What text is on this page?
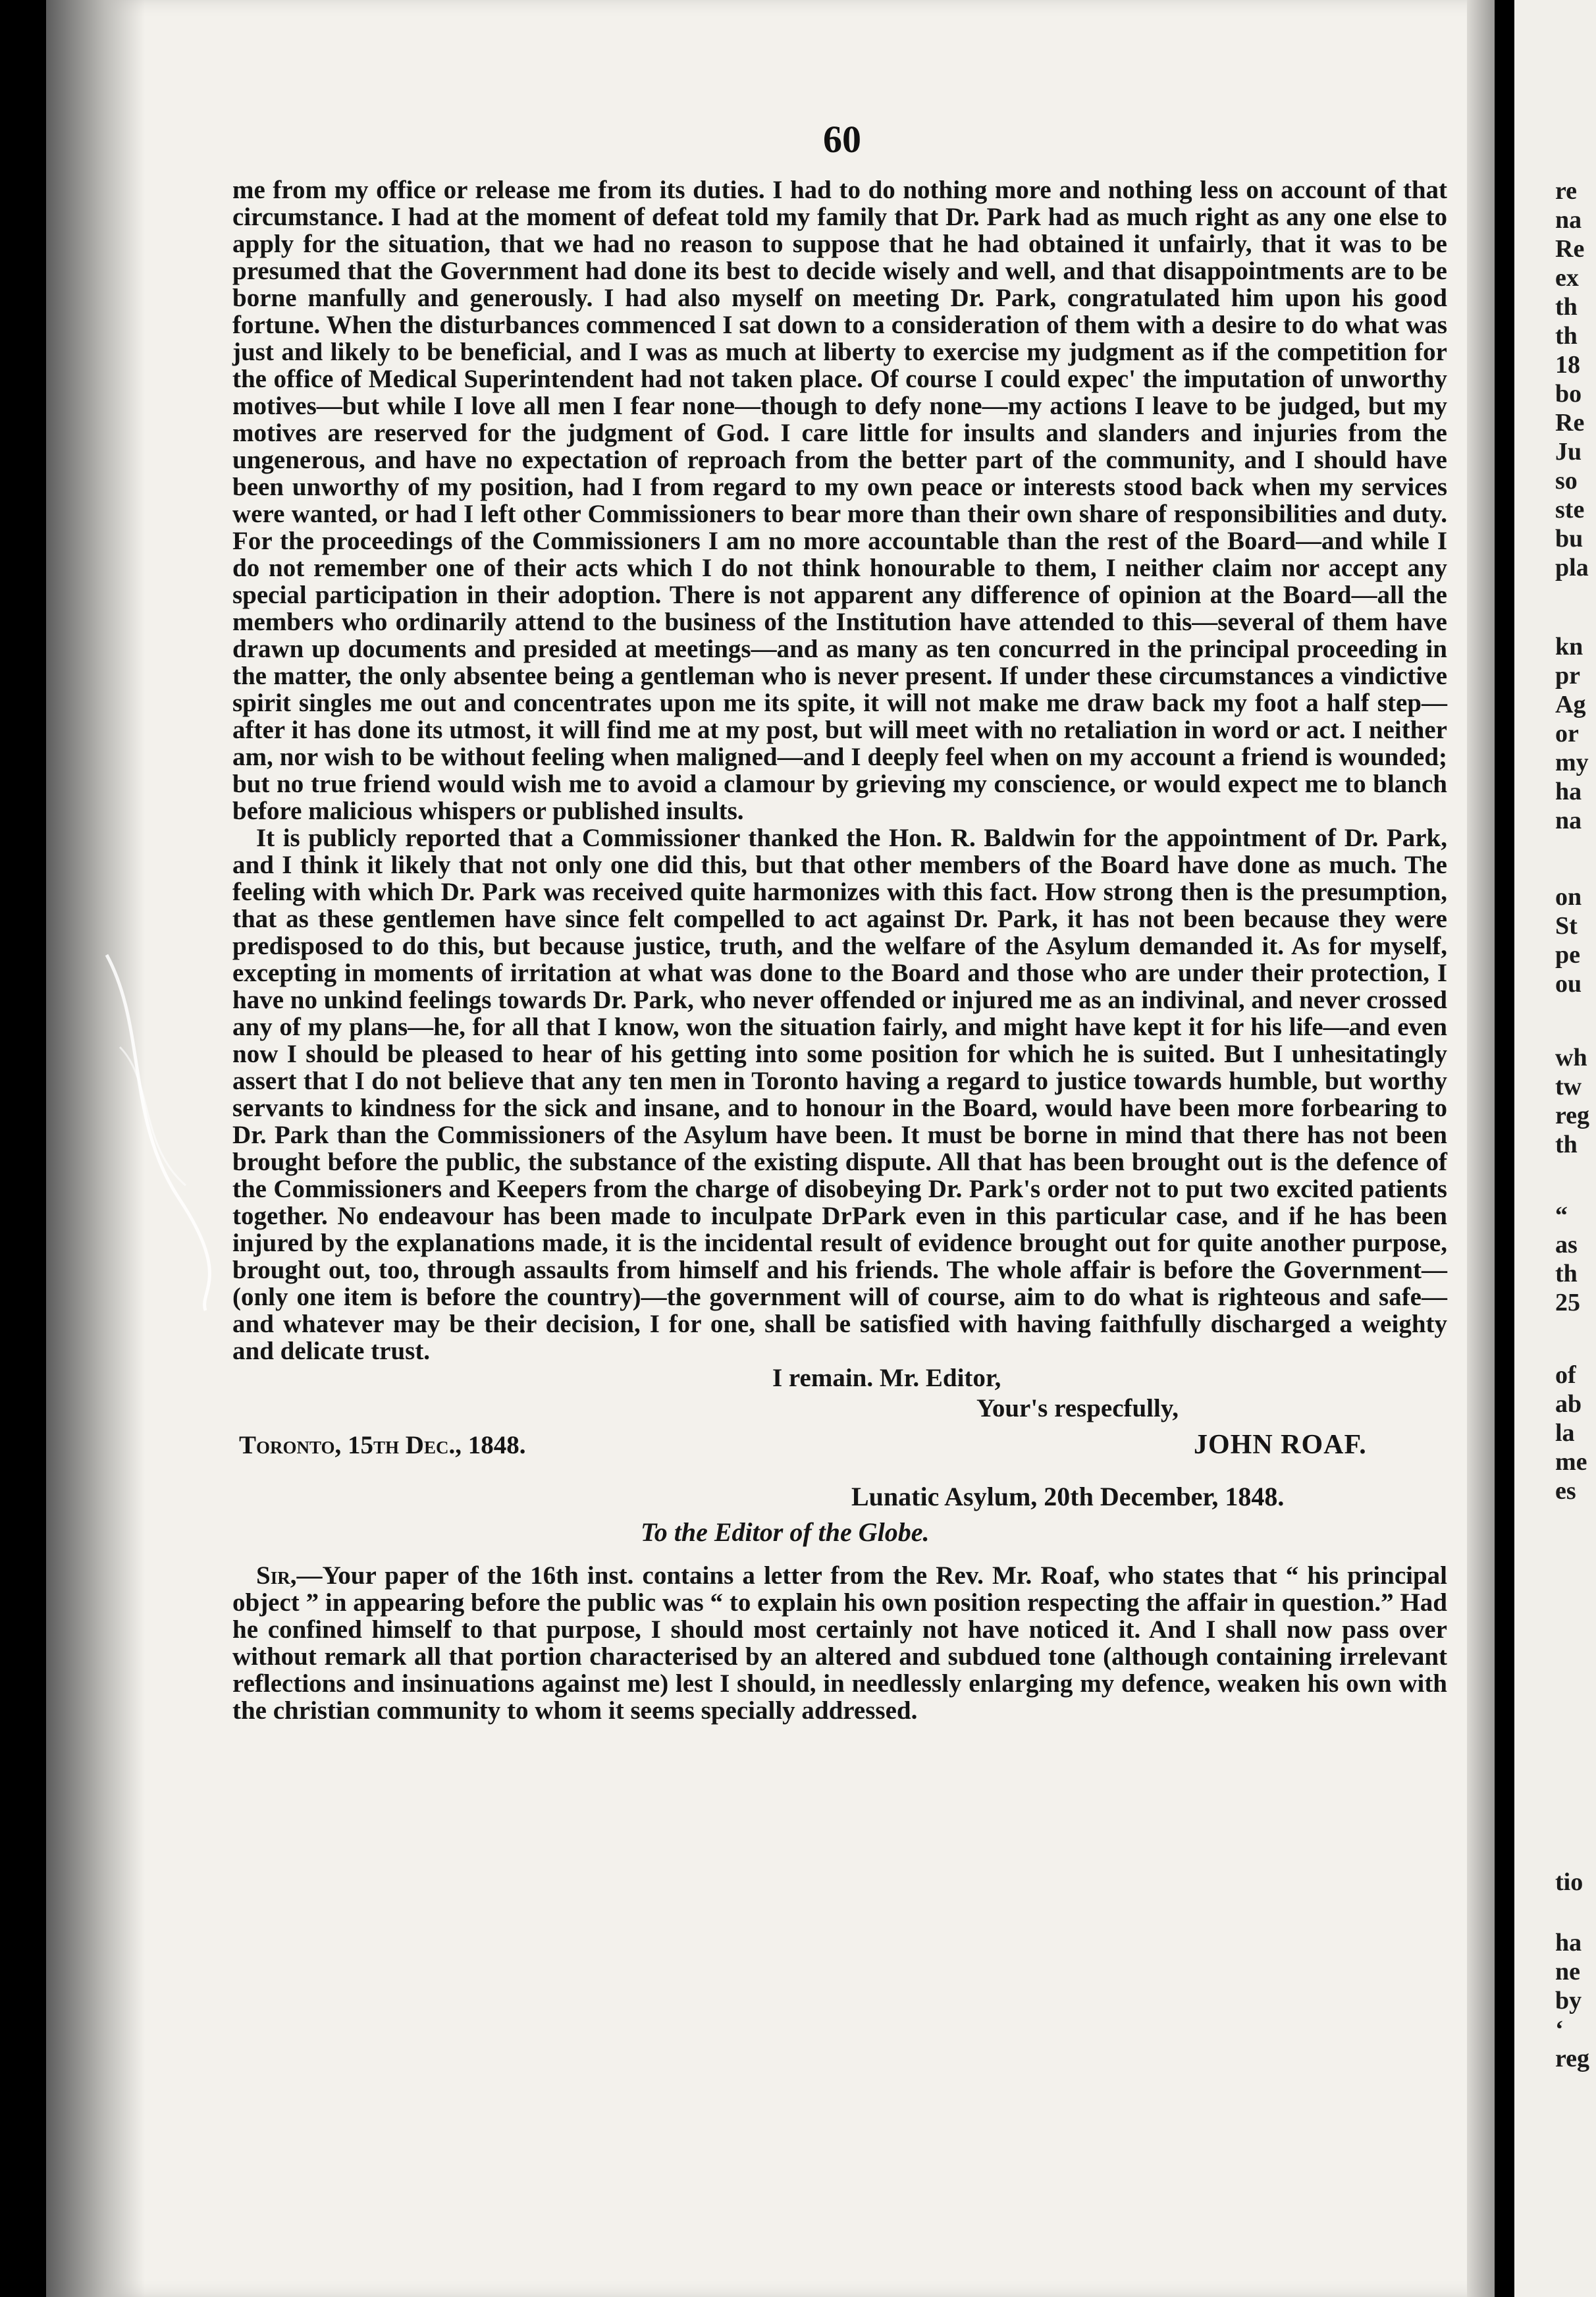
60

me from my office or release me from its duties. I had to do nothing more and nothing less on account of that circumstance. I had at the moment of defeat told my family that Dr. Park had as much right as any one else to apply for the situation, that we had no reason to suppose that he had obtained it unfairly, that it was to be presumed that the Government had done its best to decide wisely and well, and that disappointments are to be borne manfully and generously. I had also myself on meeting Dr. Park, congratulated him upon his good fortune. When the disturbances commenced I sat down to a consideration of them with a desire to do what was just and likely to be beneficial, and I was as much at liberty to exercise my judgment as if the competition for the office of Medical Superintendent had not taken place. Of course I could expec' the imputation of unworthy motives—but while I love all men I fear none—though to defy none—my actions I leave to be judged, but my motives are reserved for the judgment of God. I care little for insults and slanders and injuries from the ungenerous, and have no expectation of reproach from the better part of the community, and I should have been unworthy of my position, had I from regard to my own peace or interests stood back when my services were wanted, or had I left other Commissioners to bear more than their own share of responsibilities and duty. For the proceedings of the Commissioners I am no more accountable than the rest of the Board—and while I do not remember one of their acts which I do not think honourable to them, I neither claim nor accept any special participation in their adoption. There is not apparent any difference of opinion at the Board—all the members who ordinarily attend to the business of the Institution have attended to this—several of them have drawn up documents and presided at meetings—and as many as ten concurred in the principal proceeding in the matter, the only absentee being a gentleman who is never present. If under these circumstances a vindictive spirit singles me out and concentrates upon me its spite, it will not make me draw back my foot a half step—after it has done its utmost, it will find me at my post, but will meet with no retaliation in word or act. I neither am, nor wish to be without feeling when maligned—and I deeply feel when on my account a friend is wounded; but no true friend would wish me to avoid a clamour by grieving my conscience, or would expect me to blanch before malicious whispers or published insults.

It is publicly reported that a Commissioner thanked the Hon. R. Baldwin for the appointment of Dr. Park, and I think it likely that not only one did this, but that other members of the Board have done as much. The feeling with which Dr. Park was received quite harmonizes with this fact. How strong then is the presumption, that as these gentlemen have since felt compelled to act against Dr. Park, it has not been because they were predisposed to do this, but because justice, truth, and the welfare of the Asylum demanded it. As for myself, excepting in moments of irritation at what was done to the Board and those who are under their protection, I have no unkind feelings towards Dr. Park, who never offended or injured me as an indivinal, and never crossed any of my plans—he, for all that I know, won the situation fairly, and might have kept it for his life—and even now I should be pleased to hear of his getting into some position for which he is suited. But I unhesitatingly assert that I do not believe that any ten men in Toronto having a regard to justice towards humble, but worthy servants to kindness for the sick and insane, and to honour in the Board, would have been more forbearing to Dr. Park than the Commissioners of the Asylum have been. It must be borne in mind that there has not been brought before the public, the substance of the existing dispute. All that has been brought out is the defence of the Commissioners and Keepers from the charge of disobeying Dr. Park's order not to put two excited patients together. No endeavour has been made to inculpate DrPark even in this particular case, and if he has been injured by the explanations made, it is the incidental result of evidence brought out for quite another purpose, brought out, too, through assaults from himself and his friends. The whole affair is before the Government—(only one item is before the country)—the government will of course, aim to do what is righteous and safe—and whatever may be their decision, I for one, shall be satisfied with having faithfully discharged a weighty and delicate trust.

I remain. Mr. Editor,
Your's respecfully,
Toronto, 15th Dec., 1848.	JOHN ROAF.
Lunatic Asylum, 20th December, 1848.
To the Editor of the Globe.

Sir,—Your paper of the 16th inst. contains a letter from the Rev. Mr. Roaf, who states that “ his principal object ” in appearing before the public was “ to explain his own position respecting the affair in question.” Had he confined himself to that purpose, I should most certainly not have noticed it. And I shall now pass over without remark all that portion characterised by an altered and subdued tone (although containing irrelevant reflections and insinuations against me) lest I should, in needlessly enlarging my defence, weaken his own with the christian community to whom it seems specially addressed.

re
na
Re
ex
th
th
18
bo
Re
Ju
so
ste
bu
pla
kn
pr
Ag
or
my
ha
na
on
St
pe
ou
wh
tw
reg
th
“
as
th
25
of
ab
la
me
es
tio
ha
ne
by
‘
reg
